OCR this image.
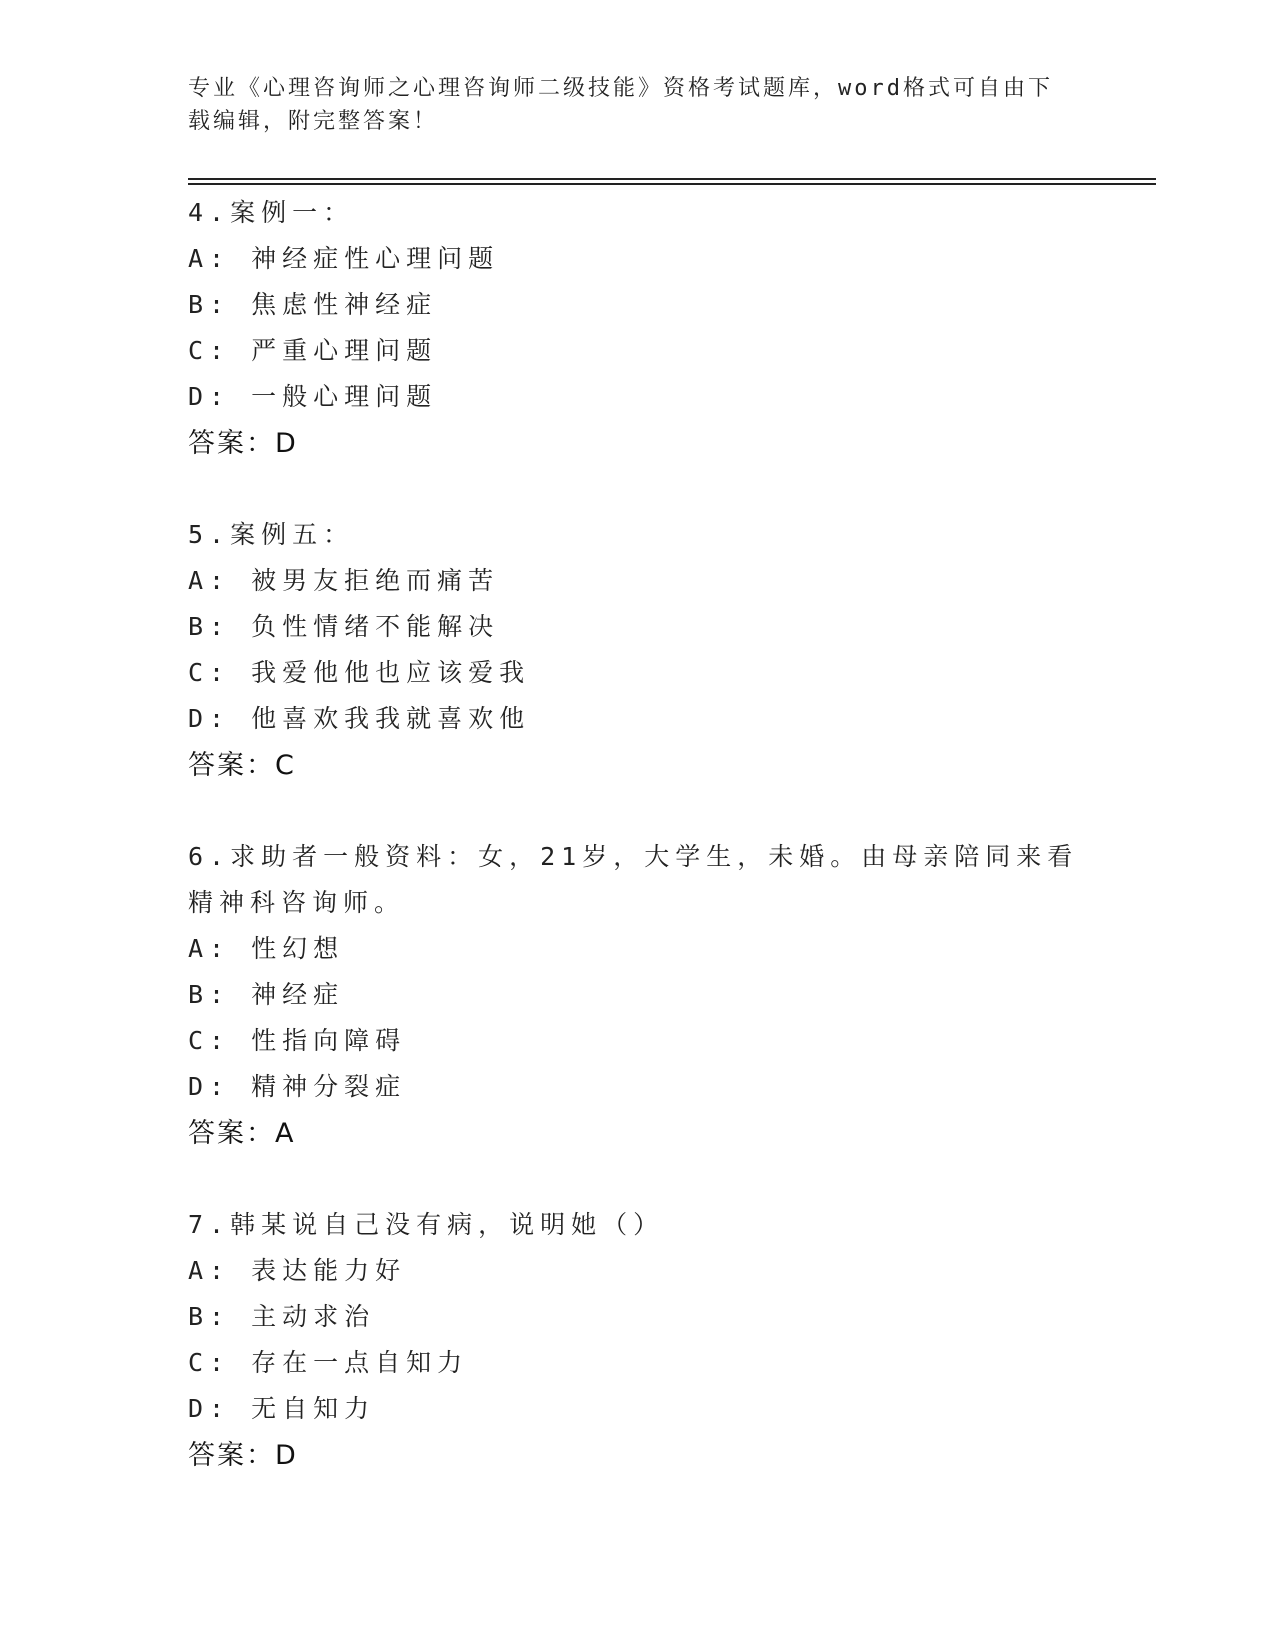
专业《心理咨询师之心理咨询师二级技能》资格考试题库，word格式可自由下载编辑，附完整答案！
4.案例一：
A: 神经症性心理问题
B: 焦虑性神经症
C: 严重心理问题
D: 一般心理问题
答案：D
5.案例五：
A: 被男友拒绝而痛苦
B: 负性情绪不能解决
C: 我爱他他也应该爱我
D: 他喜欢我我就喜欢他
答案：C
6.求助者一般资料：女，21岁，大学生，未婚。由母亲陪同来看精神科咨询师。
A: 性幻想
B: 神经症
C: 性指向障碍
D: 精神分裂症
答案：A
7.韩某说自己没有病，说明她（）
A: 表达能力好
B: 主动求治
C: 存在一点自知力
D: 无自知力
答案：D
